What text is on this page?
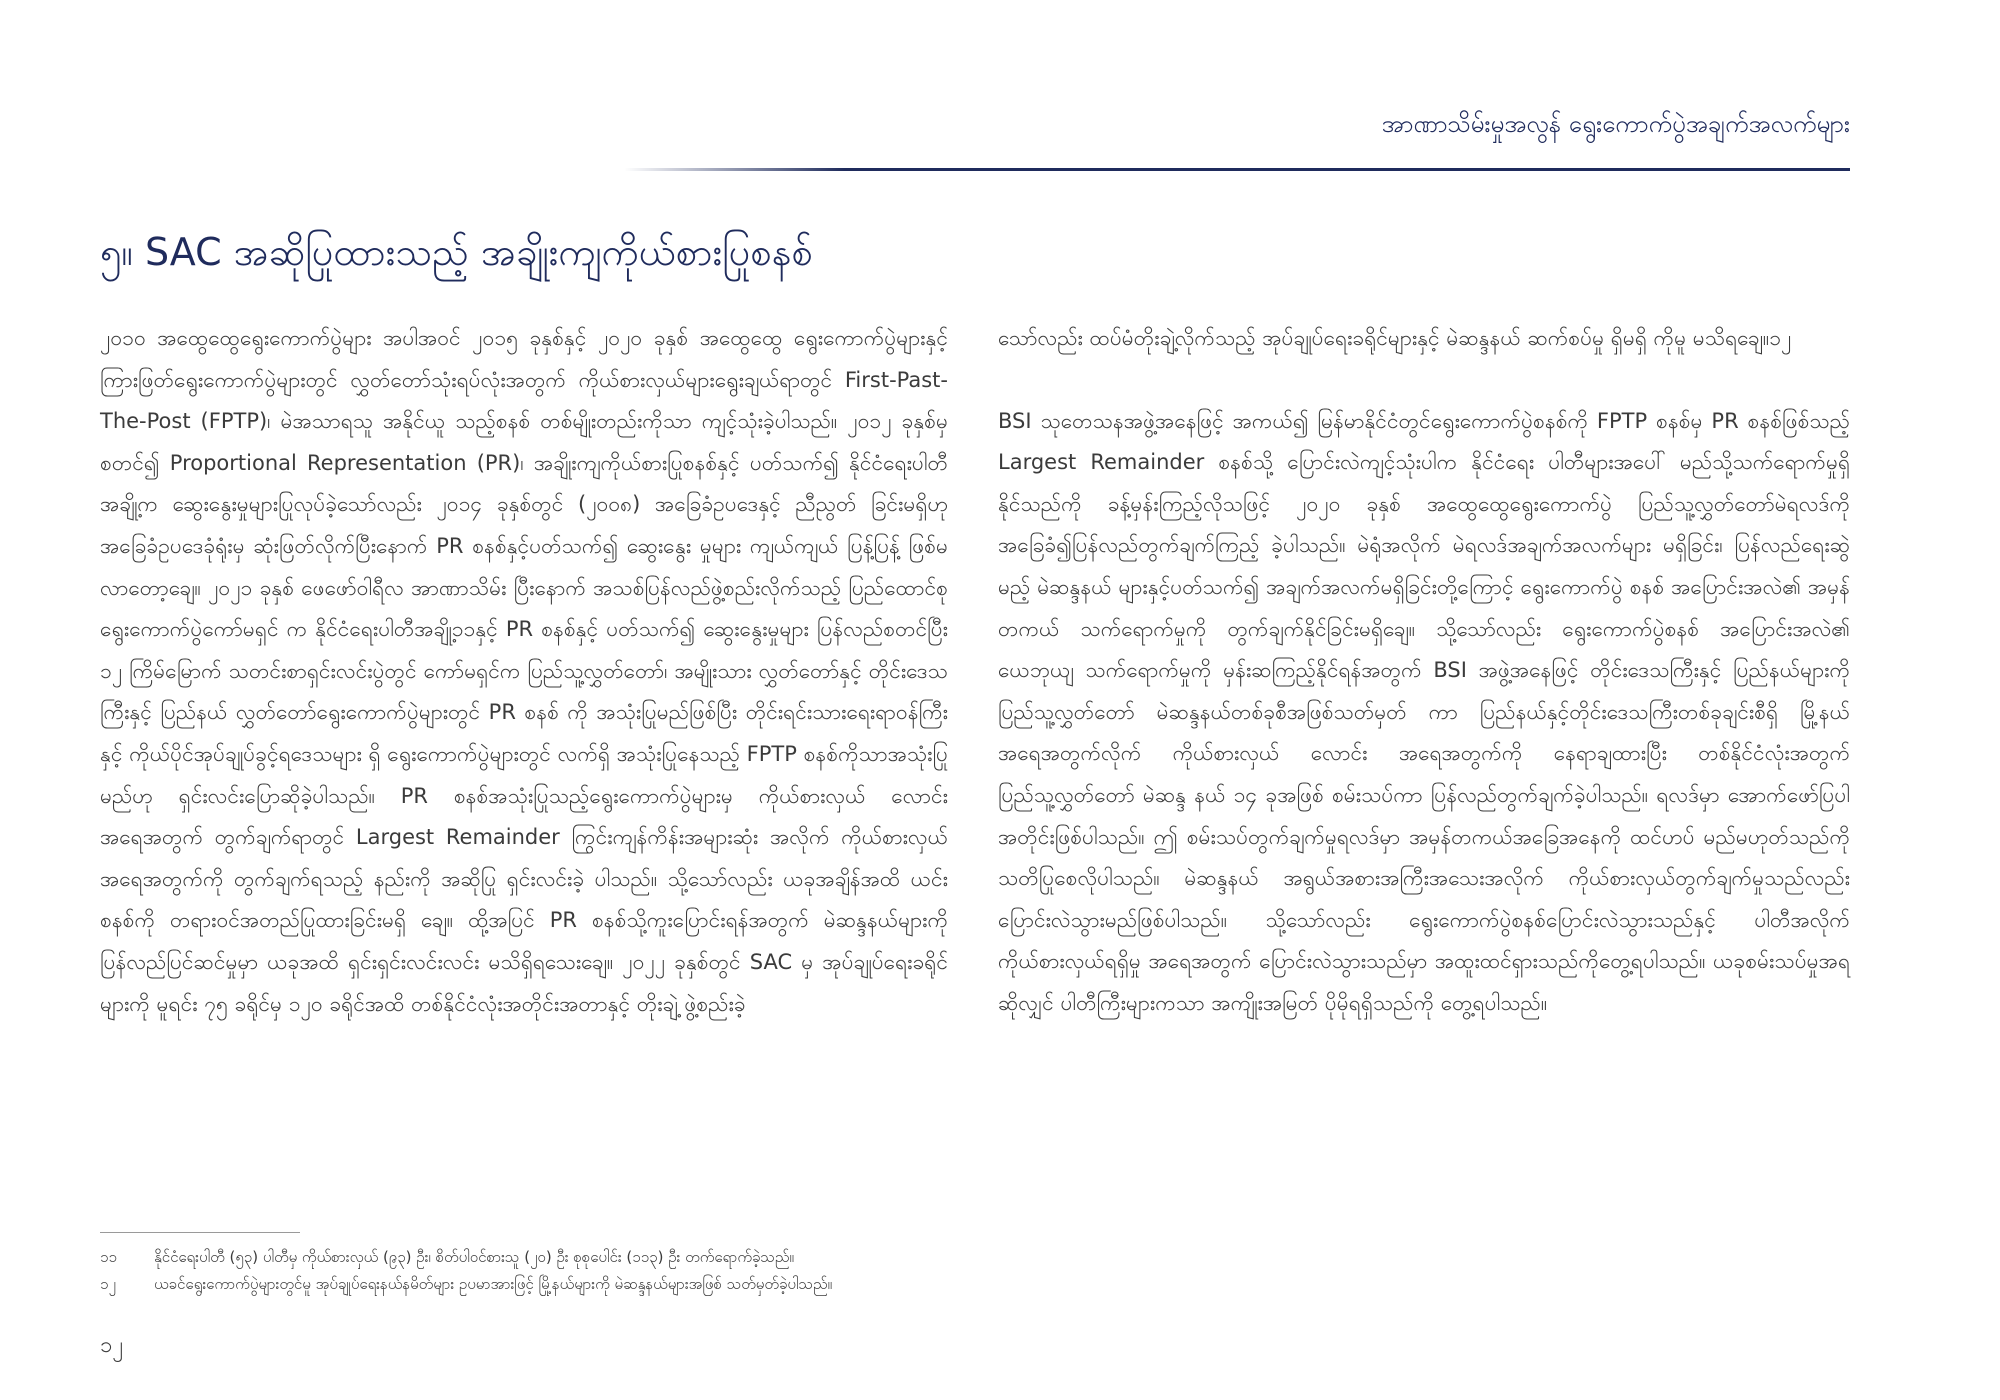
အာဏာသိမ်းမှုအလွန် ရွေးကောက်ပွဲအချက်အလက်များ
၅။ SAC အဆိုပြုထားသည့် အချိုးကျကိုယ်စားပြုစနစ်

၂၀၁၀ အထွေထွေရွေးကောက်ပွဲများ အပါအဝင် ၂၀၁၅ ခုနှစ်နှင့် ၂၀၂၀ ခုနှစ် အထွေထွေ ရွေးကောက်ပွဲများနှင့် ကြားဖြတ်ရွေးကောက်ပွဲများတွင် လွှတ်တော်သုံးရပ်လုံးအတွက် ကိုယ်စားလှယ်များရွေးချယ်ရာတွင် First-Past-The-Post (FPTP)၊ မဲအသာရသူ အနိုင်ယူ သည့်စနစ် တစ်မျိုးတည်းကိုသာ ကျင့်သုံးခဲ့ပါသည်။ ၂၀၁၂ ခုနှစ်မှ စတင်၍ Proportional Representation (PR)၊ အချိုးကျကိုယ်စားပြုစနစ်နှင့် ပတ်သက်၍ နိုင်ငံရေးပါတီအချို့က ဆွေးနွေးမှုများပြုလုပ်ခဲ့သော်လည်း ၂၀၁၄ ခုနှစ်တွင် (၂၀၀၈) အခြေခံဥပဒေနှင့် ညီညွတ် ခြင်းမရှိဟု အခြေခံဥပဒေခုံရုံးမှ ဆုံးဖြတ်လိုက်ပြီးနောက် PR စနစ်နှင့်ပတ်သက်၍ ဆွေးနွေး မှုများ ကျယ်ကျယ် ပြန့်ပြန့် ဖြစ်မလာတော့ချေ။ ၂၀၂၁ ခုနှစ် ဖေဖော်ဝါရီလ အာဏာသိမ်း ပြီးနောက် အသစ်ပြန်လည်ဖွဲ့စည်းလိုက်သည့် ပြည်ထောင်စုရွေးကောက်ပွဲကော်မရှင် က နိုင်ငံရေးပါတီအချို့၁၁နှင့် PR စနစ်နှင့် ပတ်သက်၍ ဆွေးနွေးမှုများ ပြန်လည်စတင်ပြီး ၁၂ ကြိမ်မြောက် သတင်းစာရှင်းလင်းပွဲတွင် ကော်မရှင်က ပြည်သူ့လွှတ်တော်၊ အမျိုးသား လွှတ်တော်နှင့် တိုင်းဒေသကြီးနှင့် ပြည်နယ် လွှတ်တော်ရွေးကောက်ပွဲများတွင် PR စနစ် ကို အသုံးပြုမည်ဖြစ်ပြီး တိုင်းရင်းသားရေးရာဝန်ကြီးနှင့် ကိုယ်ပိုင်အုပ်ချုပ်ခွင့်ရဒေသများ ရှိ ရွေးကောက်ပွဲများတွင် လက်ရှိ အသုံးပြုနေသည့် FPTP စနစ်ကိုသာအသုံးပြုမည်ဟု ရှင်းလင်းပြောဆိုခဲ့ပါသည်။ PR စနစ်အသုံးပြုသည့်ရွေးကောက်ပွဲများမှ ကိုယ်စားလှယ် လောင်းအရေအတွက် တွက်ချက်ရာတွင် Largest Remainder ကြွင်းကျန်ကိန်းအများဆုံး အလိုက် ကိုယ်စားလှယ်အရေအတွက်ကို တွက်ချက်ရသည့် နည်းကို အဆိုပြု ရှင်းလင်းခဲ့ ပါသည်။ သို့သော်လည်း ယခုအချိန်အထိ ယင်းစနစ်ကို တရားဝင်အတည်ပြုထားခြင်းမရှိ ချေ။ ထို့အပြင် PR စနစ်သို့ကူးပြောင်းရန်အတွက် မဲဆန္ဒနယ်များကို ပြန်လည်ပြင်ဆင်မှုမှာ ယခုအထိ ရှင်းရှင်းလင်းလင်း မသိရှိရသေးချေ။ ၂၀၂၂ ခုနှစ်တွင် SAC မှ အုပ်ချုပ်ရေးခရိုင် များကို မူရင်း ၇၅ ခရိုင်မှ ၁၂၀ ခရိုင်အထိ တစ်နိုင်ငံလုံးအတိုင်းအတာနှင့် တိုးချဲ့ ဖွဲ့စည်းခဲ့

သော်လည်း ထပ်မံတိုးချဲ့လိုက်သည့် အုပ်ချုပ်ရေးခရိုင်များနှင့် မဲဆန္ဒနယ် ဆက်စပ်မှု ရှိမရှိ ကိုမူ မသိရချေ။၁၂

BSI သုတေသနအဖွဲ့အနေဖြင့် အကယ်၍ မြန်မာနိုင်ငံတွင်ရွေးကောက်ပွဲစနစ်ကို FPTP စနစ်မှ PR စနစ်ဖြစ်သည့် Largest Remainder စနစ်သို့ ပြောင်းလဲကျင့်သုံးပါက နိုင်ငံရေး ပါတီများအပေါ် မည်သို့သက်ရောက်မှုရှိနိုင်သည်ကို ခန့်မှန်းကြည့်လိုသဖြင့် ၂၀၂၀ ခုနှစ် အထွေထွေရွေးကောက်ပွဲ ပြည်သူ့လွှတ်တော်မဲရလဒ်ကို အခြေခံ၍ပြန်လည်တွက်ချက်ကြည့် ခဲ့ပါသည်။ မဲရုံအလိုက် မဲရလဒ်အချက်အလက်များ မရှိခြင်း၊ ပြန်လည်ရေးဆွဲမည့် မဲဆန္ဒနယ် များနှင့်ပတ်သက်၍ အချက်အလက်မရှိခြင်းတို့ကြောင့် ရွေးကောက်ပွဲ စနစ် အပြောင်းအလဲ၏ အမှန်တကယ် သက်ရောက်မှုကို တွက်ချက်နိုင်ခြင်းမရှိချေ။ သို့သော်လည်း ရွေးကောက်ပွဲစနစ် အပြောင်းအလဲ၏ ယေဘုယျ သက်ရောက်မှုကို မှန်းဆကြည့်နိုင်ရန်အတွက် BSI အဖွဲ့အနေဖြင့် တိုင်းဒေသကြီးနှင့် ပြည်နယ်များကို ပြည်သူ့လွှတ်တော် မဲဆန္ဒနယ်တစ်ခုစီအဖြစ်သတ်မှတ် ကာ ပြည်နယ်နှင့်တိုင်းဒေသကြီးတစ်ခုချင်းစီရှိ မြို့နယ်အရေအတွက်လိုက် ကိုယ်စားလှယ် လောင်း အရေအတွက်ကို နေရာချထားပြီး တစ်နိုင်ငံလုံးအတွက် ပြည်သူ့လွှတ်တော် မဲဆန္ဒ နယ် ၁၄ ခုအဖြစ် စမ်းသပ်ကာ ပြန်လည်တွက်ချက်ခဲ့ပါသည်။ ရလဒ်မှာ အောက်ဖော်ပြပါ အတိုင်းဖြစ်ပါသည်။ ဤ စမ်းသပ်တွက်ချက်မှုရလဒ်မှာ အမှန်တကယ်အခြေအနေကို ထင်ဟပ် မည်မဟုတ်သည်ကို သတိပြုစေလိုပါသည်။ မဲဆန္ဒနယ် အရွယ်အစားအကြီးအသေးအလိုက် ကိုယ်စားလှယ်တွက်ချက်မှုသည်လည်း ပြောင်းလဲသွားမည်ဖြစ်ပါသည်။ သို့သော်လည်း ရွေးကောက်ပွဲစနစ်ပြောင်းလဲသွားသည်နှင့် ပါတီအလိုက် ကိုယ်စားလှယ်ရရှိမှု အရေအတွက် ပြောင်းလဲသွားသည်မှာ အထူးထင်ရှားသည်ကိုတွေ့ရပါသည်။ ယခုစမ်းသပ်မှုအရဆိုလျှင် ပါတီကြီးများကသာ အကျိုးအမြတ် ပိုမိုရရှိသည်ကို တွေ့ရပါသည်။

၁၁	နိုင်ငံရေးပါတီ (၅၃) ပါတီမှ ကိုယ်စားလှယ် (၉၃) ဦး၊ စိတ်ပါဝင်စားသူ (၂၀) ဦး စုစုပေါင်း (၁၁၃) ဦး တက်ရောက်ခဲ့သည်။
၁၂	ယခင်ရွေးကောက်ပွဲများတွင်မူ အုပ်ချုပ်ရေးနယ်နမိတ်များ ဥပမာအားဖြင့် မြို့နယ်များကို မဲဆန္ဒနယ်များအဖြစ် သတ်မှတ်ခဲ့ပါသည်။
၁၂
